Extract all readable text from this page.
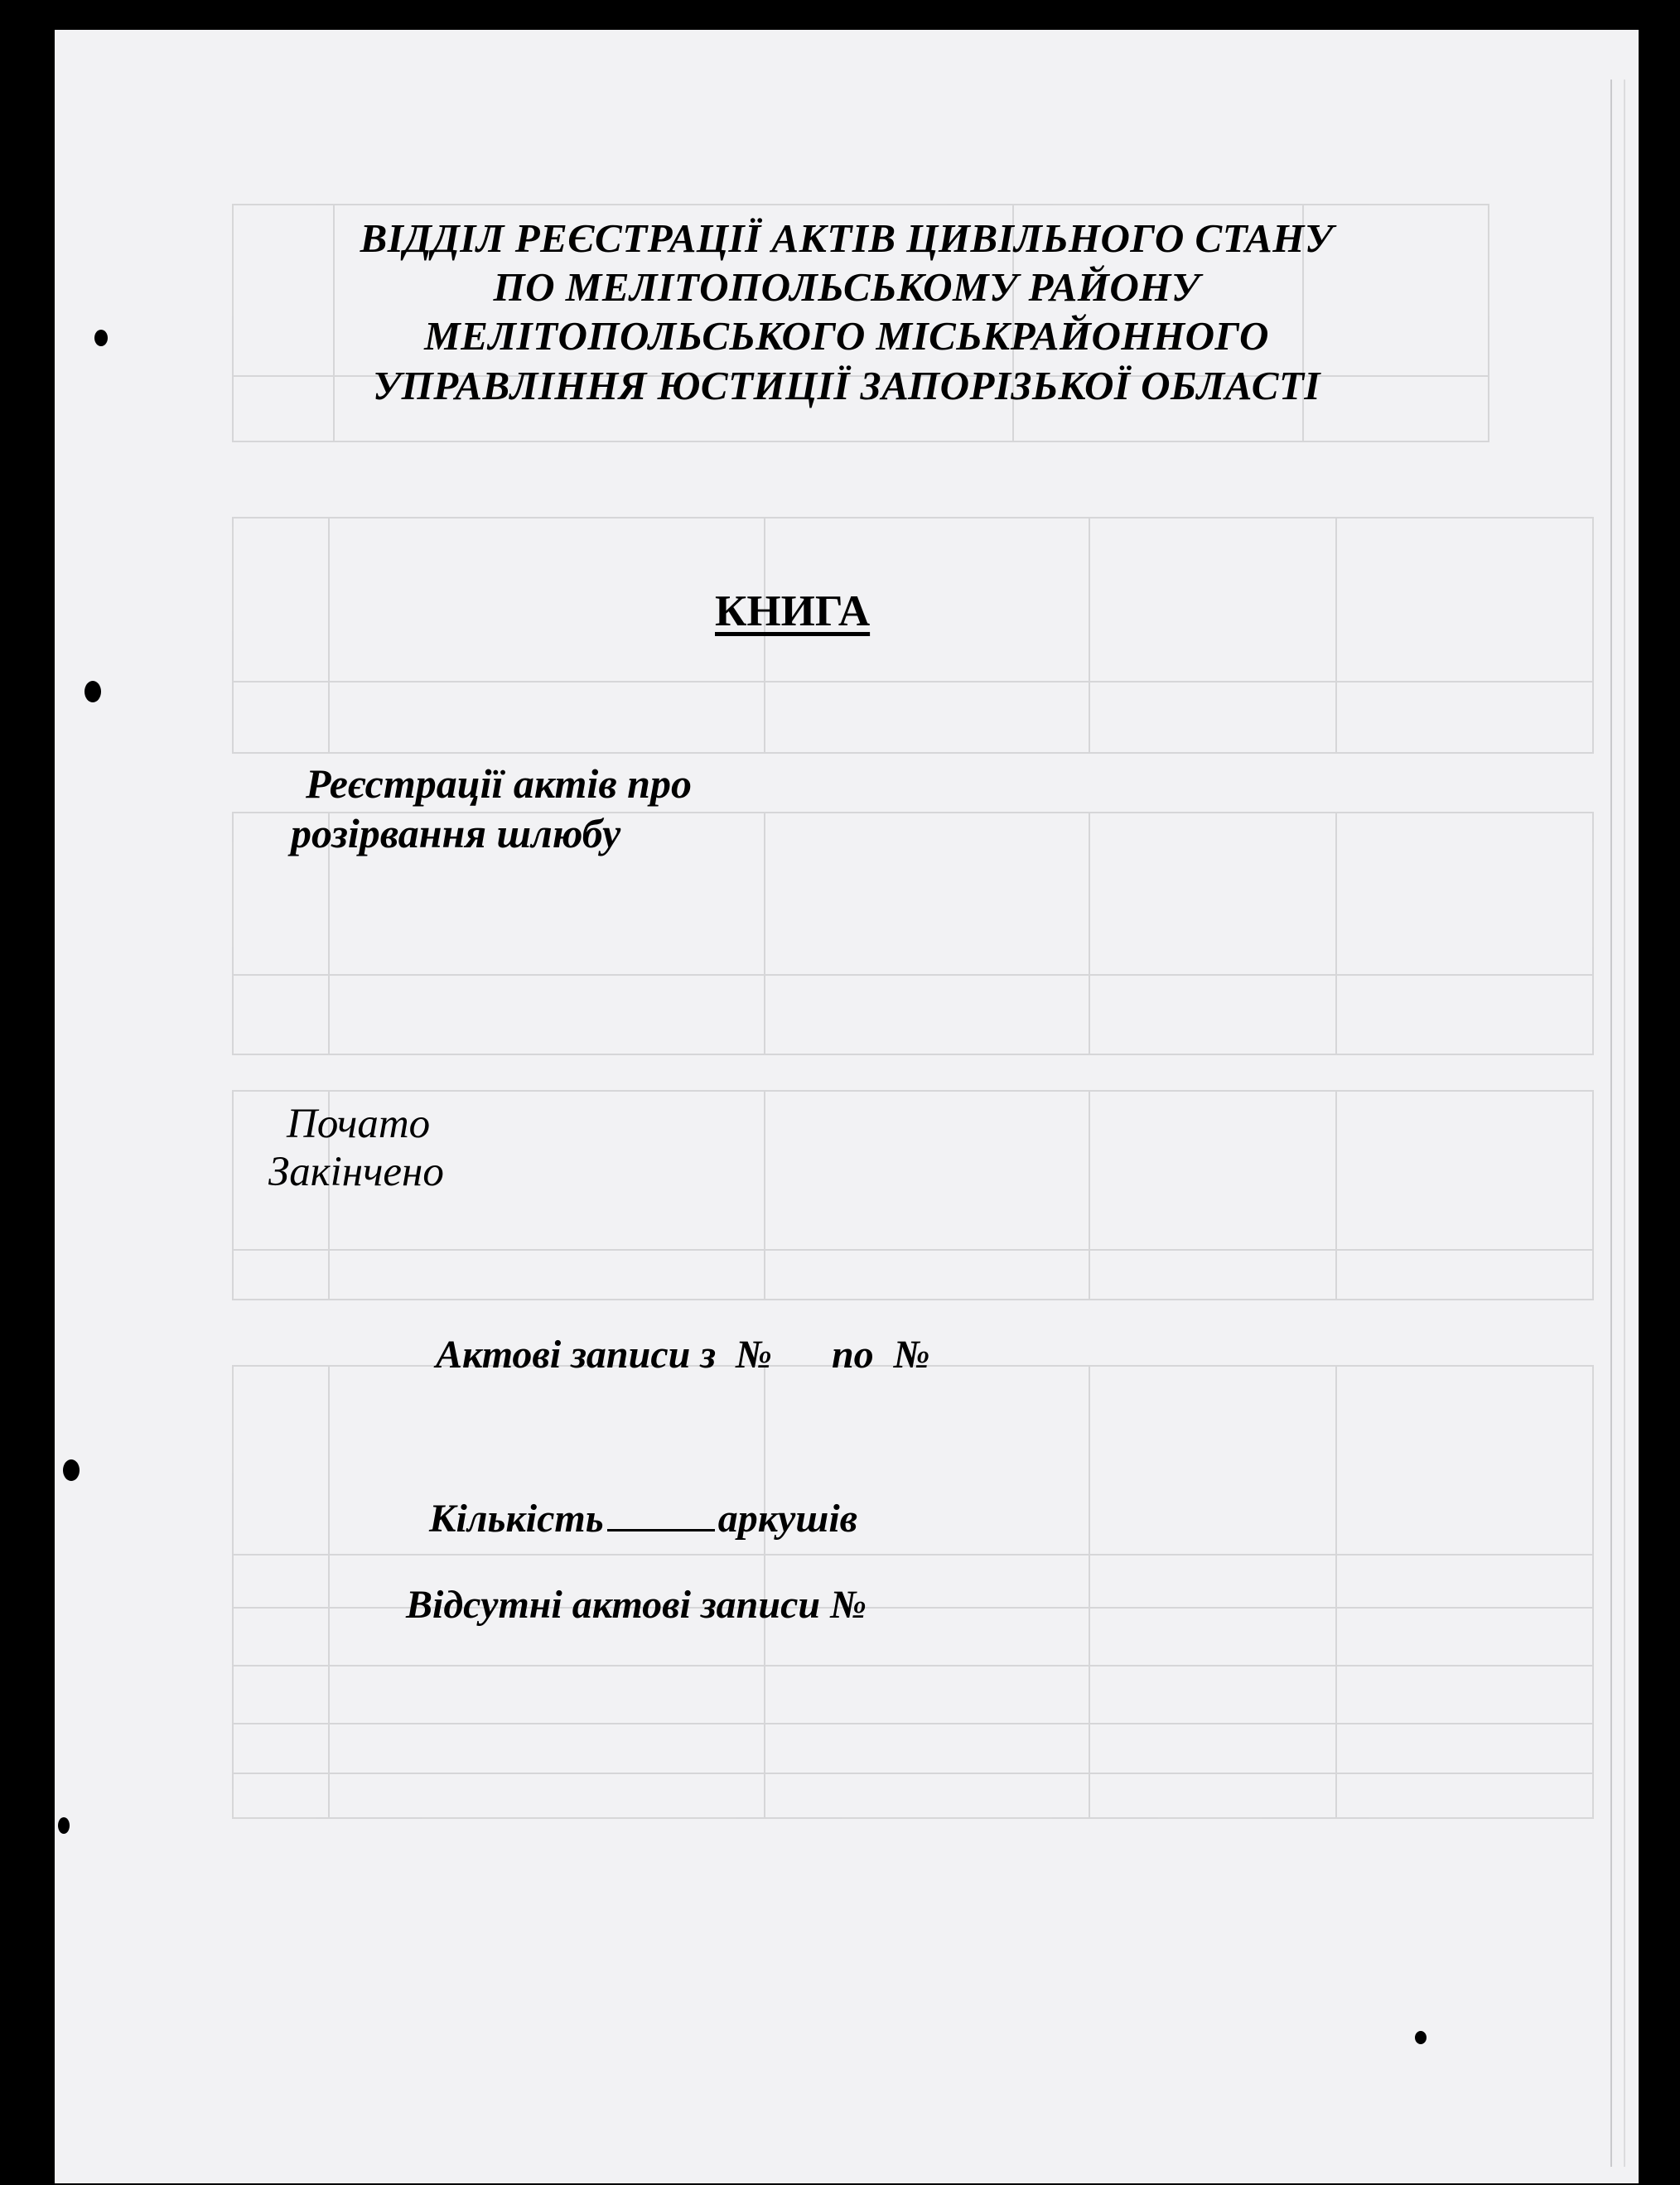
ВІДДІЛ РЕЄСТРАЦІЇ АКТІВ ЦИВІЛЬНОГО СТАНУ
ПО МЕЛІТОПОЛЬСЬКОМУ РАЙОНУ
МЕЛІТОПОЛЬСЬКОГО МІСЬКРАЙОННОГО
УПРАВЛІННЯ ЮСТИЦІЇ ЗАПОРІЗЬКОЇ ОБЛАСТІ
КНИГА
Реєстрації актів про
розірвання шлюбу
Почато
Закінчено
Актові записи з  №      по  №
Кількість	аркушів
Відсутні актові записи №
